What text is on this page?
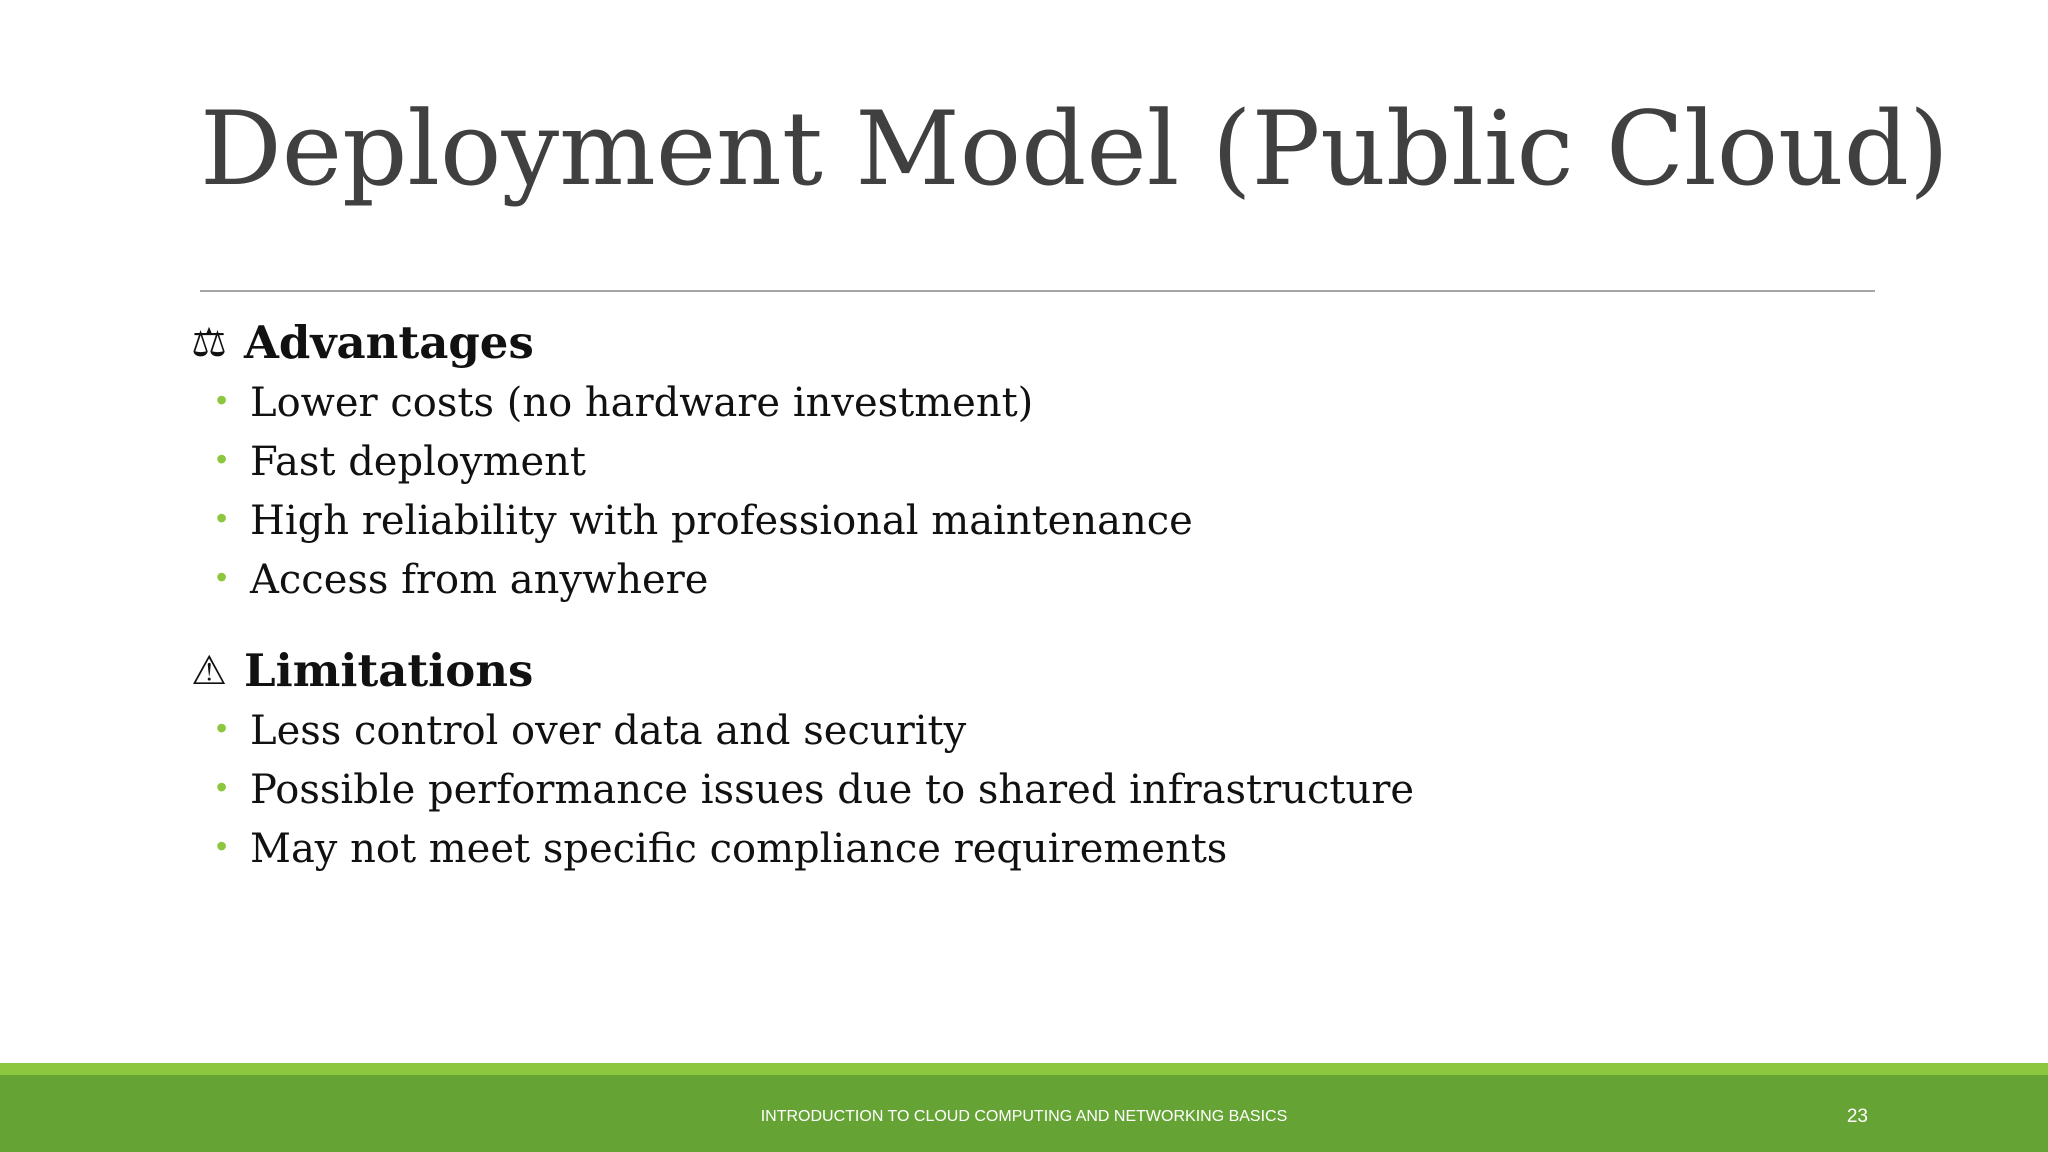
Deployment Model (Public Cloud)
⚖ Advantages
• Lower costs (no hardware investment)
• Fast deployment
• High reliability with professional maintenance
• Access from anywhere
⚠ Limitations
• Less control over data and security
• Possible performance issues due to shared infrastructure
• May not meet specific compliance requirements
INTRODUCTION TO CLOUD COMPUTING AND NETWORKING BASICS	23
